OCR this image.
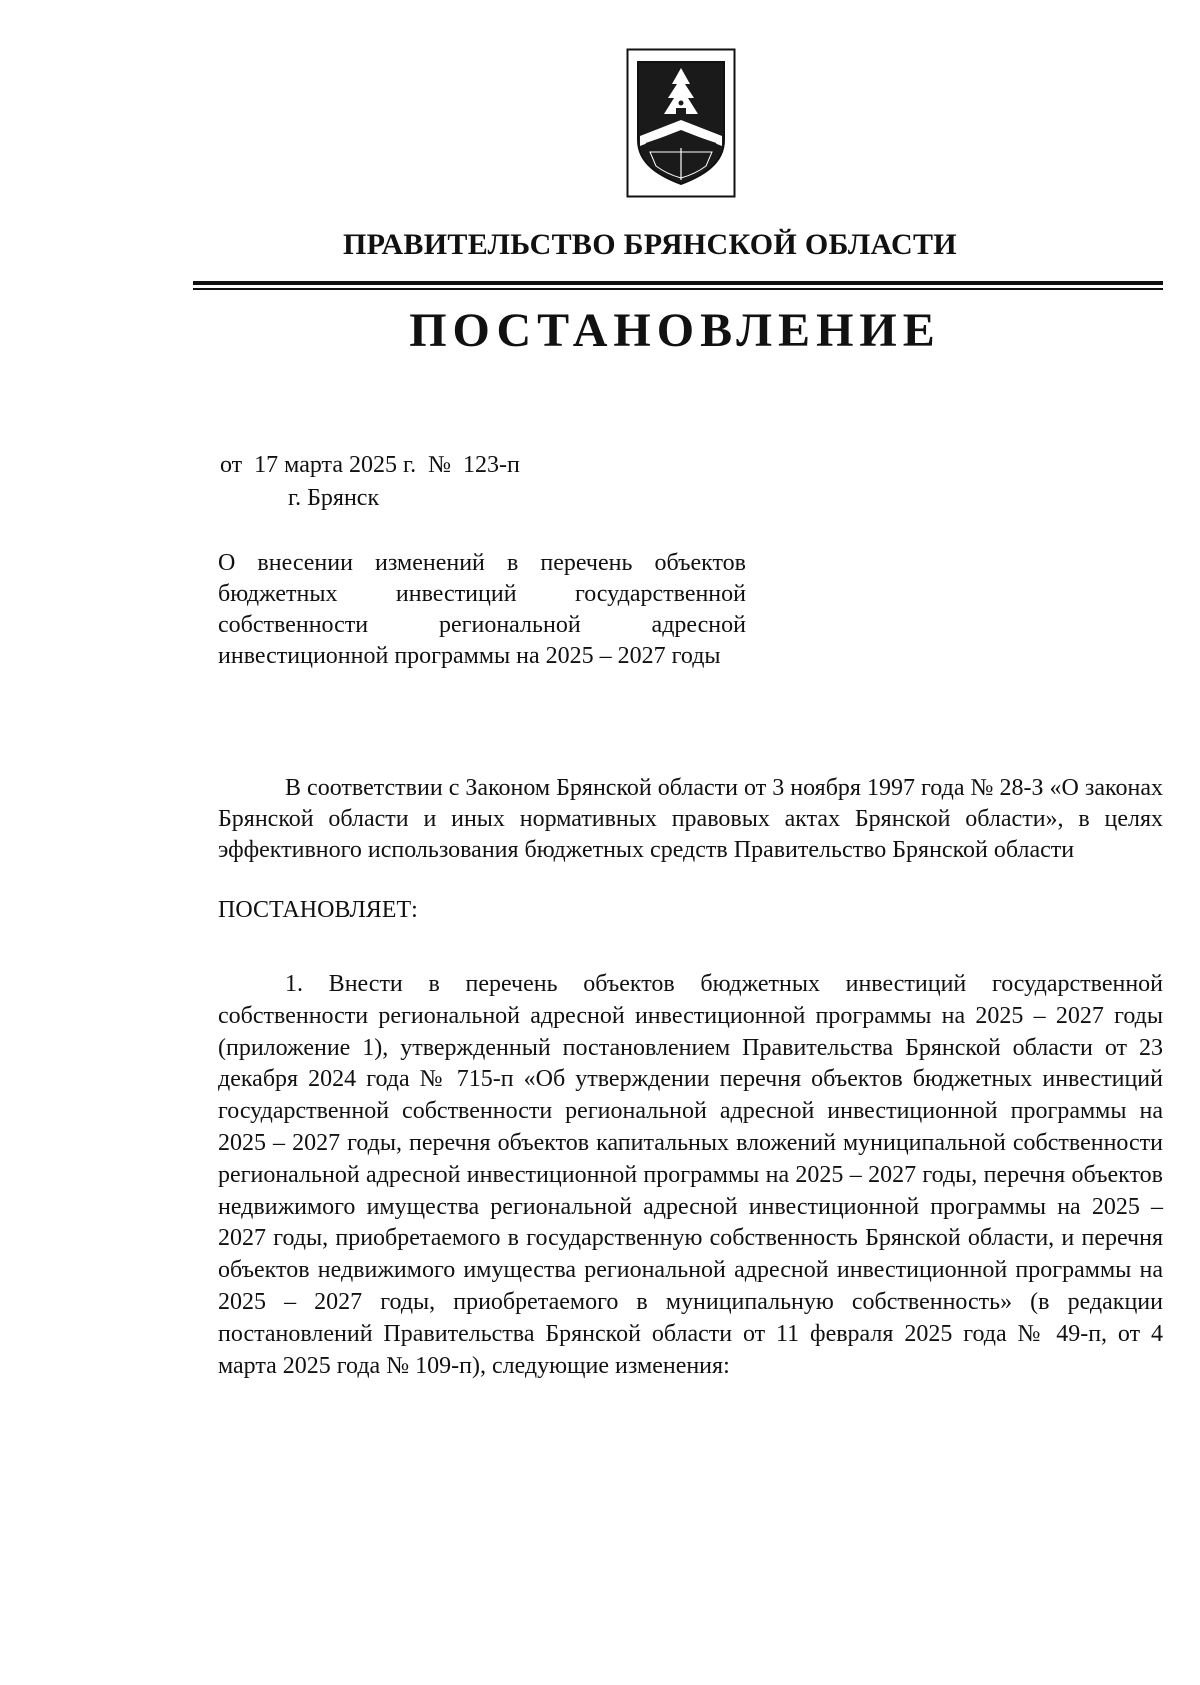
ПРАВИТЕЛЬСТВО БРЯНСКОЙ ОБЛАСТИ
ПОСТАНОВЛЕНИЕ
от  17 марта 2025 г.  №  123-п
г. Брянск

О внесении изменений в перечень объектов бюджетных инвестиций государственной собственности региональной адресной инвестиционной программы на 2025 – 2027 годы

В соответствии с Законом Брянской области от 3 ноября 1997 года № 28-З «О законах Брянской области и иных нормативных правовых актах Брянской области», в целях эффективного использования бюджетных средств Правительство Брянской области

ПОСТАНОВЛЯЕТ:

1. Внести в перечень объектов бюджетных инвестиций государственной собственности региональной адресной инвестиционной программы на 2025 – 2027 годы (приложение 1), утвержденный постановлением Правительства Брянской области от 23 декабря 2024 года № 715-п «Об утверждении перечня объектов бюджетных инвестиций государственной собственности региональной адресной инвестиционной программы на 2025 – 2027 годы, перечня объектов капитальных вложений муниципальной собственности региональной адресной инвестиционной программы на 2025 – 2027 годы, перечня объектов недвижимого имущества региональной адресной инвестиционной программы на 2025 – 2027 годы, приобретаемого в государственную собственность Брянской области, и перечня объектов недвижимого имущества региональной адресной инвестиционной программы на 2025 – 2027 годы, приобретаемого в муниципальную собственность» (в редакции постановлений Правительства Брянской области от 11 февраля 2025 года № 49-п, от 4 марта 2025 года № 109-п), следующие изменения:
